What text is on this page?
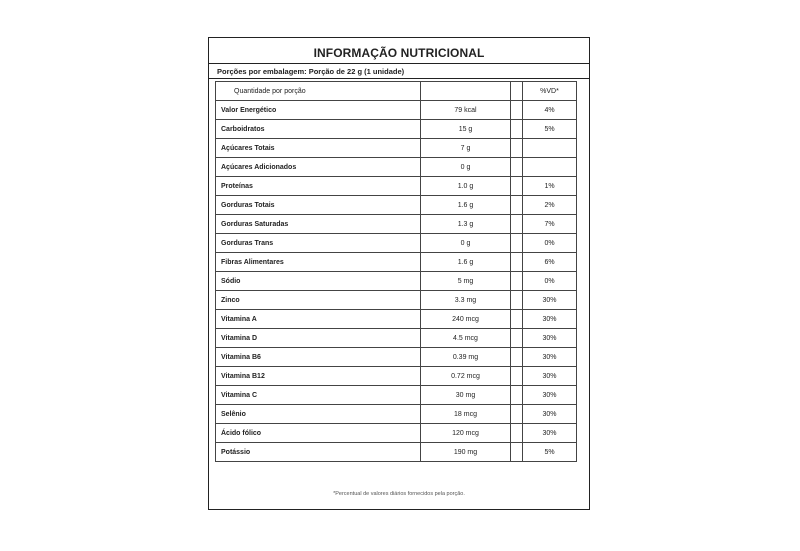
INFORMAÇÃO NUTRICIONAL
Porções por embalagem: Porção de 22 g (1 unidade)
Quantidade por porção			%VD*
Valor Energético	79 kcal		4%
Carboidratos	15 g		5%
Açúcares Totais	7 g		
Açúcares Adicionados	0 g		
Proteínas	1.0 g		1%
Gorduras Totais	1.6 g		2%
Gorduras Saturadas	1.3 g		7%
Gorduras Trans	0 g		0%
Fibras Alimentares	1.6 g		6%
Sódio	5 mg		0%
Zinco	3.3 mg		30%
Vitamina A	240 mcg		30%
Vitamina D	4.5 mcg		30%
Vitamina B6	0.39 mg		30%
Vitamina B12	0.72 mcg		30%
Vitamina C	30 mg		30%
Selênio	18 mcg		30%
Ácido fólico	120 mcg		30%
Potássio	190 mg		5%
*Percentual de valores diários fornecidos pela porção.
